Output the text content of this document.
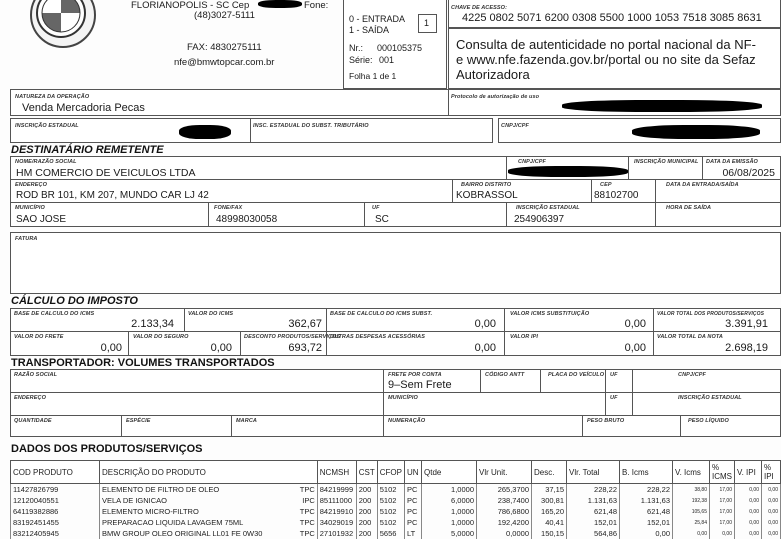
FLORIANOPOLIS - SC Cep	Fone:
(48)3027-5111
FAX: 4830275111
nfe@bmwtopcar.com.br
0 - ENTRADA
1 - SAÍDA
1
Nr.: 000105375
Série: 001
Folha 1 de 1
CHAVE DE ACESSO:
4225 0802 5071 6200 0308 5500 1000 1053 7518 3085 8631
Consulta de autenticidade no portal nacional da NF-e www.nfe.fazenda.gov.br/portal ou no site da Sefaz Autorizadora
NATUREZA DA OPERAÇÃO
Venda Mercadoria Pecas
Protocolo de autorização de uso
INSCRIÇÃO ESTADUAL	INSC. ESTADUAL DO SUBST. TRIBUTÁRIO	CNPJ/CPF
DESTINATÁRIO REMETENTE
NOME/RAZÃO SOCIAL
HM COMERCIO DE VEICULOS LTDA
CNPJ/CPF	INSCRIÇÃO MUNICIPAL DATA DA EMISSÃO
06/08/2025
ENDEREÇO
ROD BR 101, KM 207, MUNDO CAR LJ 42
BAIRRO DISTRITO
KOBRASSOL
CEP
88102700
DATA DA ENTRADA/SAÍDA
MUNICÍPIO
SAO JOSE
FONE/FAX
48998030058
UF
SC
INSCRIÇÃO ESTADUAL
254906397
HORA DE SAÍDA
FATURA
CÁLCULO DO IMPOSTO
BASE DE CALCULO DO ICMS
2.133,34
VALOR DO ICMS
362,67
BASE DE CALCULO DO ICMS SUBST.
0,00
VALOR ICMS SUBSTITUIÇÃO
0,00
VALOR TOTAL DOS PRODUTOS/SERVIÇOS
3.391,91
VALOR DO FRETE
0,00
VALOR DO SEGURO
0,00
DESCONTO PRODUTOS/SERVIÇOS
693,72
OUTRAS DESPESAS ACESSÓRIAS
0,00
VALOR IPI
0,00
VALOR TOTAL DA NOTA
2.698,19
TRANSPORTADOR: VOLUMES TRANSPORTADOS
RAZÃO SOCIAL	FRETE POR CONTA
9–Sem Frete
CÓDIGO ANTT	PLACA DO VEÍCULO UF	CNPJ/CPF
ENDEREÇO	MUNICÍPIO	UF	INSCRIÇÃO ESTADUAL
QUANTIDADE	ESPÉCIE	MARCA	NUMERAÇÃO	PESO BRUTO	PESO LÍQUIDO
DADOS DOS PRODUTOS/SERVIÇOS
COD PRODUTO	DESCRIÇÃO DO PRODUTO		NCMSH	CST	CFOP	UN	Qtde	Vlr Unit.	Desc.	Vlr. Total	B. Icms	V. Icms	% ICMS	V. IPI	% IPI
11427826799	ELEMENTO DE FILTRO DE OLEO	TPC	84219999	200	5102	PC	1,0000	265,3700	37,15	228,22	228,22	38,80	17,00	0,00	0,00
12120040551	VELA DE IGNICAO	IPC	85111000	200	5102	PC	6,0000	238,7400	300,81	1.131,63	1.131,63	192,38	17,00	0,00	0,00
64119382886	ELEMENTO MICRO-FILTRO	TPC	84219910	200	5102	PC	1,0000	786,6800	165,20	621,48	621,48	105,65	17,00	0,00	0,00
83192451455	PREPARACAO LIQUIDA LAVAGEM 75ML	TPC	34029019	200	5102	PC	1,0000	192,4200	40,41	152,01	152,01	25,84	17,00	0,00	0,00
83212405945	BMW GROUP OLEO ORIGINAL LL01 FE 0W30	TPC	27101932	200	5656	LT	5,0000	0,0000	150,15	564,86	0,00	0,00	0,00	0,00	0,00
